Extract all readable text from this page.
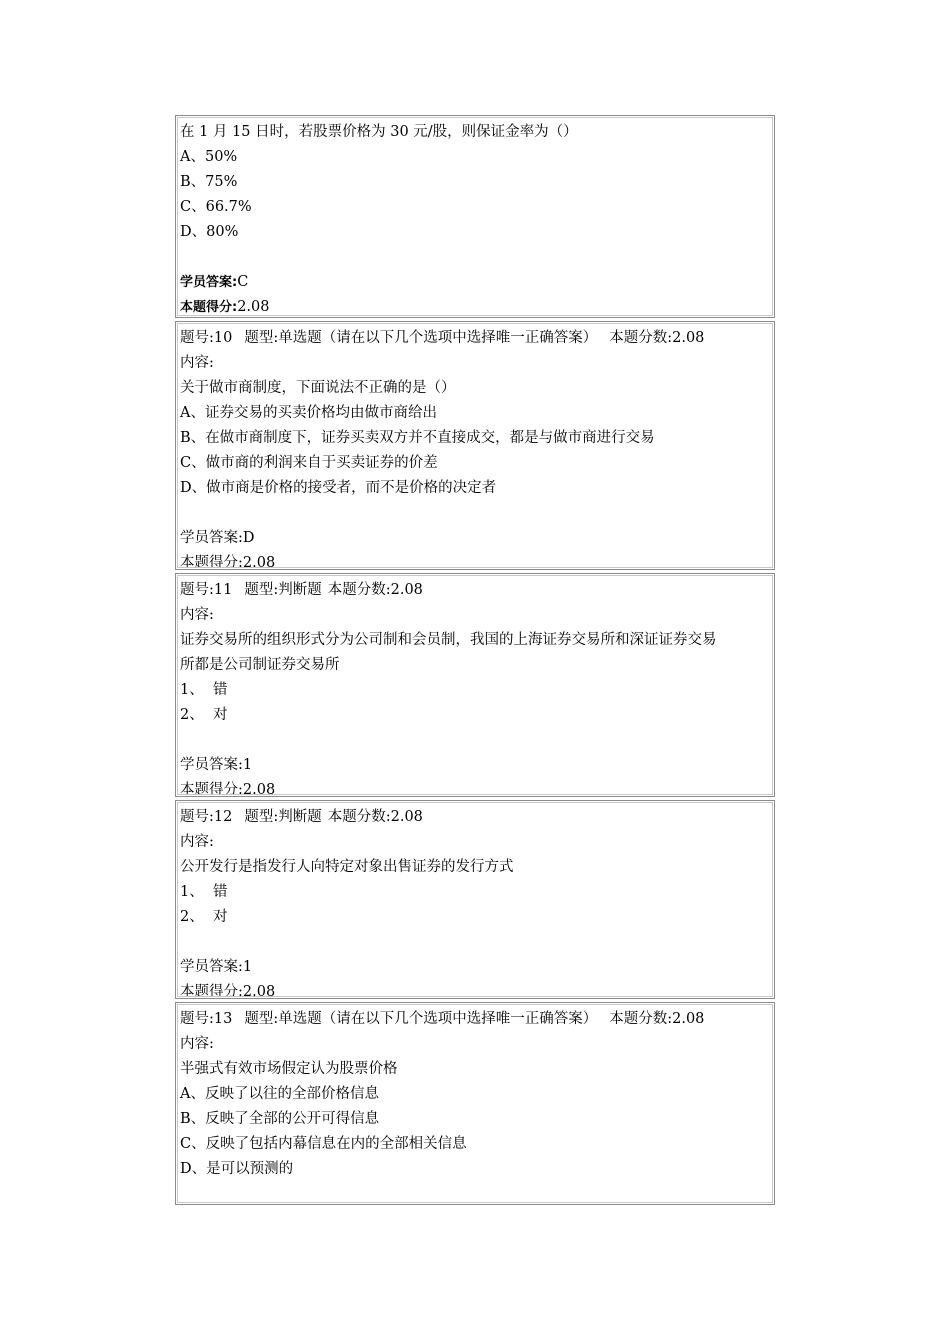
在 1 月 15 日时，若股票价格为 30 元/股，则保证金率为（）
A、50%
B、75%
C、66.7%
D、80%
学员答案:C
本题得分:2.08
题号:10 题型:单选题（请在以下几个选项中选择唯一正确答案） 本题分数:2.08
内容:
关于做市商制度，下面说法不正确的是（）
A、证券交易的买卖价格均由做市商给出
B、在做市商制度下，证券买卖双方并不直接成交，都是与做市商进行交易
C、做市商的利润来自于买卖证券的价差
D、做市商是价格的接受者，而不是价格的决定者
学员答案:D
本题得分:2.08
题号:11 题型:判断题 本题分数:2.08
内容:
证券交易所的组织形式分为公司制和会员制，我国的上海证券交易所和深证证券交易
所都是公司制证券交易所
1、  错
2、  对
学员答案:1
本题得分:2.08
题号:12 题型:判断题 本题分数:2.08
内容:
公开发行是指发行人向特定对象出售证券的发行方式
1、  错
2、  对
学员答案:1
本题得分:2.08
题号:13 题型:单选题（请在以下几个选项中选择唯一正确答案） 本题分数:2.08
内容:
半强式有效市场假定认为股票价格
A、反映了以往的全部价格信息
B、反映了全部的公开可得信息
C、反映了包括内幕信息在内的全部相关信息
D、是可以预测的
